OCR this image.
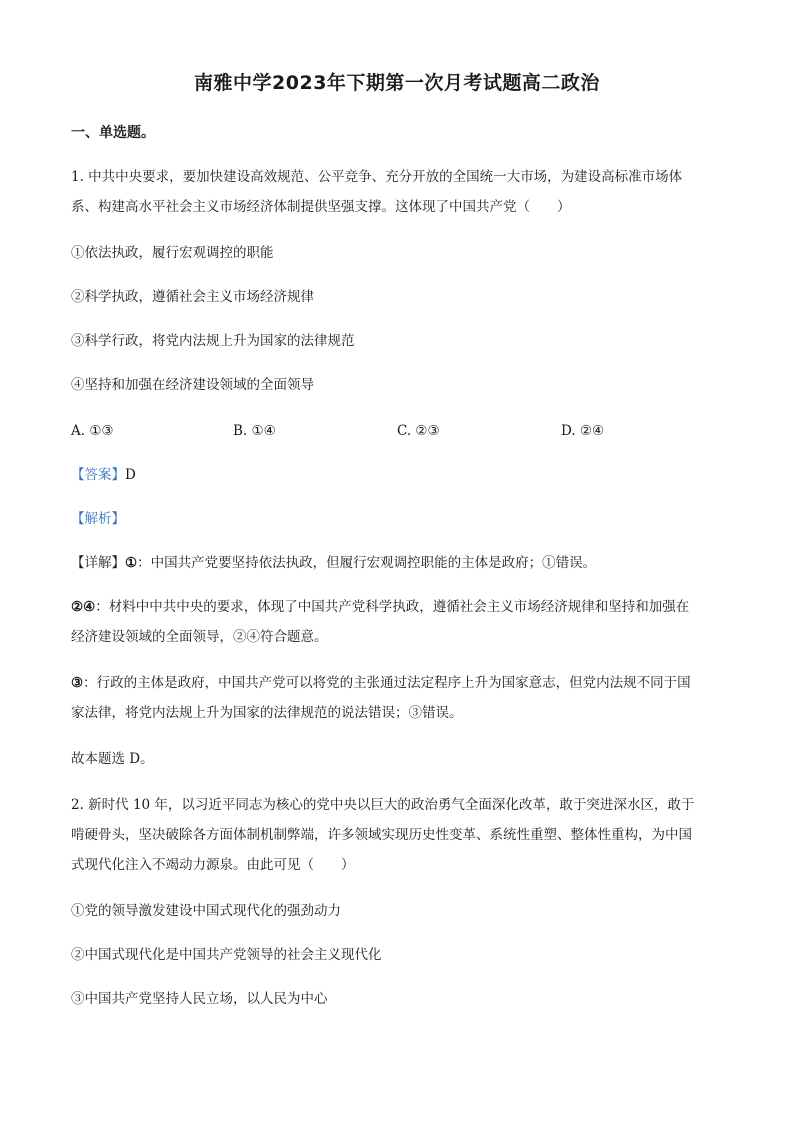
南雅中学2023年下期第一次月考试题高二政治
一、单选题。
1. 中共中央要求，要加快建设高效规范、公平竞争、充分开放的全国统一大市场，为建设高标准市场体
系、构建高水平社会主义市场经济体制提供坚强支撑。这体现了中国共产党（　　）
①依法执政，履行宏观调控的职能
②科学执政，遵循社会主义市场经济规律
③科学行政，将党内法规上升为国家的法律规范
④坚持和加强在经济建设领域的全面领导
A. ①③	B. ①④	C. ②③	D. ②④
【答案】D
【解析】
【详解】①：中国共产党要坚持依法执政，但履行宏观调控职能的主体是政府；①错误。
②④：材料中中共中央的要求，体现了中国共产党科学执政，遵循社会主义市场经济规律和坚持和加强在
经济建设领域的全面领导，②④符合题意。
③：行政的主体是政府，中国共产党可以将党的主张通过法定程序上升为国家意志，但党内法规不同于国
家法律，将党内法规上升为国家的法律规范的说法错误；③错误。
故本题选 D。
2. 新时代 10 年，以习近平同志为核心的党中央以巨大的政治勇气全面深化改革，敢于突进深水区，敢于
啃硬骨头，坚决破除各方面体制机制弊端，许多领域实现历史性变革、系统性重塑、整体性重构，为中国
式现代化注入不竭动力源泉。由此可见（　　）
①党的领导激发建设中国式现代化的强劲动力
②中国式现代化是中国共产党领导的社会主义现代化
③中国共产党坚持人民立场，以人民为中心
